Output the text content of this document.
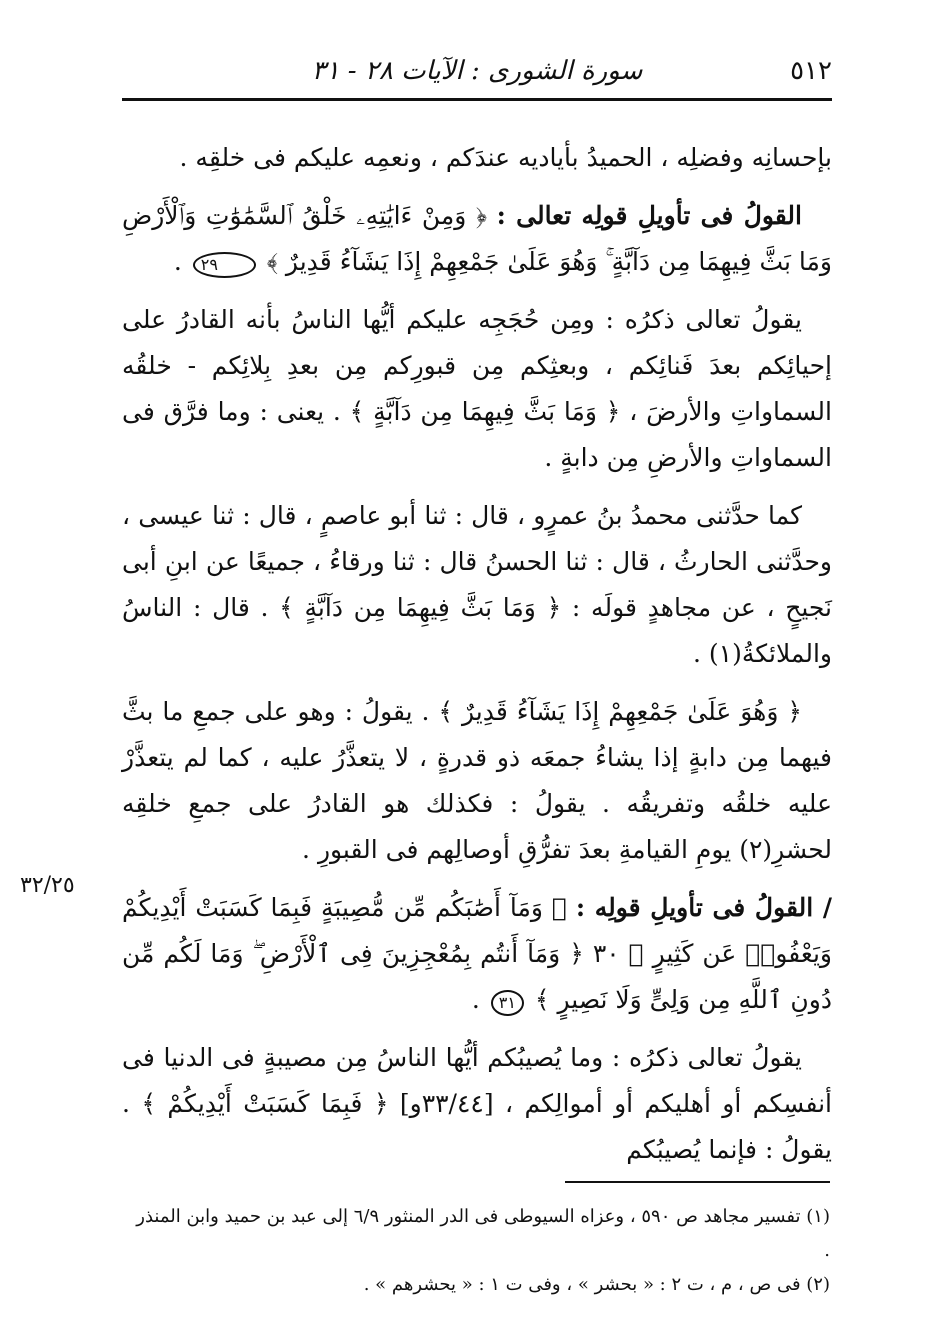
٥١٢
سورة الشورى : الآيات ٢٨ - ٣١
٣٢/٢٥

بإحسانِه وفضلِه ، الحميدُ بأياديه عندَكم ، ونعمِه عليكم فى خلقِه .

القولُ فى تأويلِ قولِه تعالى : ﴿ وَمِنْ ءَايَٰتِهِۦ خَلْقُ ٱلسَّمَٰوَٰتِ وَٱلْأَرْضِ وَمَا بَثَّ فِيهِمَا مِن دَآبَّةٍ ۚ وَهُوَ عَلَىٰ جَمْعِهِمْ إِذَا يَشَآءُ قَدِيرٌ ﴾ ٢٩ .

يقولُ تعالى ذكرُه : ومِن حُجَجِه عليكم أيُّها الناسُ بأنه القادرُ على إحيائِكم بعدَ فَنائِكم ، وبعثِكم مِن قبورِكم مِن بعدِ بِلائِكم - خلقُه السماواتِ والأرضَ ، ﴿ وَمَا بَثَّ فِيهِمَا مِن دَآبَّةٍ ﴾ . يعنى : وما فرَّق فى السماواتِ والأرضِ مِن دابةٍ .

كما حدَّثنى محمدُ بنُ عمرٍو ، قال : ثنا أبو عاصمٍ ، قال : ثنا عيسى ، وحدَّثنى الحارثُ ، قال : ثنا الحسنُ قال : ثنا ورقاءُ ، جميعًا عن ابنِ أبى نَجيحٍ ، عن مجاهدٍ قولَه : ﴿ وَمَا بَثَّ فِيهِمَا مِن دَآبَّةٍ ﴾ . قال : الناسُ والملائكةُ(١) .

﴿ وَهُوَ عَلَىٰ جَمْعِهِمْ إِذَا يَشَآءُ قَدِيرٌ ﴾ . يقولُ : وهو على جمعِ ما بثَّ فيهما مِن دابةٍ إذا يشاءُ جمعَه ذو قدرةٍ ، لا يتعذَّرُ عليه ، كما لم يتعذَّرْ عليه خلقُه وتفريقُه . يقولُ : فكذلك هو القادرُ على جمعِ خلقِه لحشرِ(٢) يومِ القيامةِ بعدَ تفرُّقِ أوصالِهم فى القبورِ .

/ القولُ فى تأويلِ قولِه : ﴿ وَمَآ أَصَٰبَكُم مِّن مُّصِيبَةٍ فَبِمَا كَسَبَتْ أَيْدِيكُمْ وَيَعْفُوا۟ عَن كَثِيرٍ ﴾ ٣٠ ﴿ وَمَآ أَنتُم بِمُعْجِزِينَ فِى ٱلْأَرْضِ ۖ وَمَا لَكُم مِّن دُونِ ٱللَّهِ مِن وَلِىٍّ وَلَا نَصِيرٍ ﴾ ٣١ .

يقولُ تعالى ذكرُه : وما يُصيبُكم أيُّها الناسُ مِن مصيبةٍ فى الدنيا فى أنفسِكم أو أهليكم أو أموالِكم ، [٣٣/٤٤و] ﴿ فَبِمَا كَسَبَتْ أَيْدِيكُمْ ﴾ . يقولُ : فإنما يُصيبُكم

(١) تفسير مجاهد ص ٥٩٠ ، وعزاه السيوطى فى الدر المنثور ٦/٩ إلى عبد بن حميد وابن المنذر .

(٢) فى ص ، م ، ت ٢ : « بحشر » ، وفى ت ١ : « يحشرهم » .
